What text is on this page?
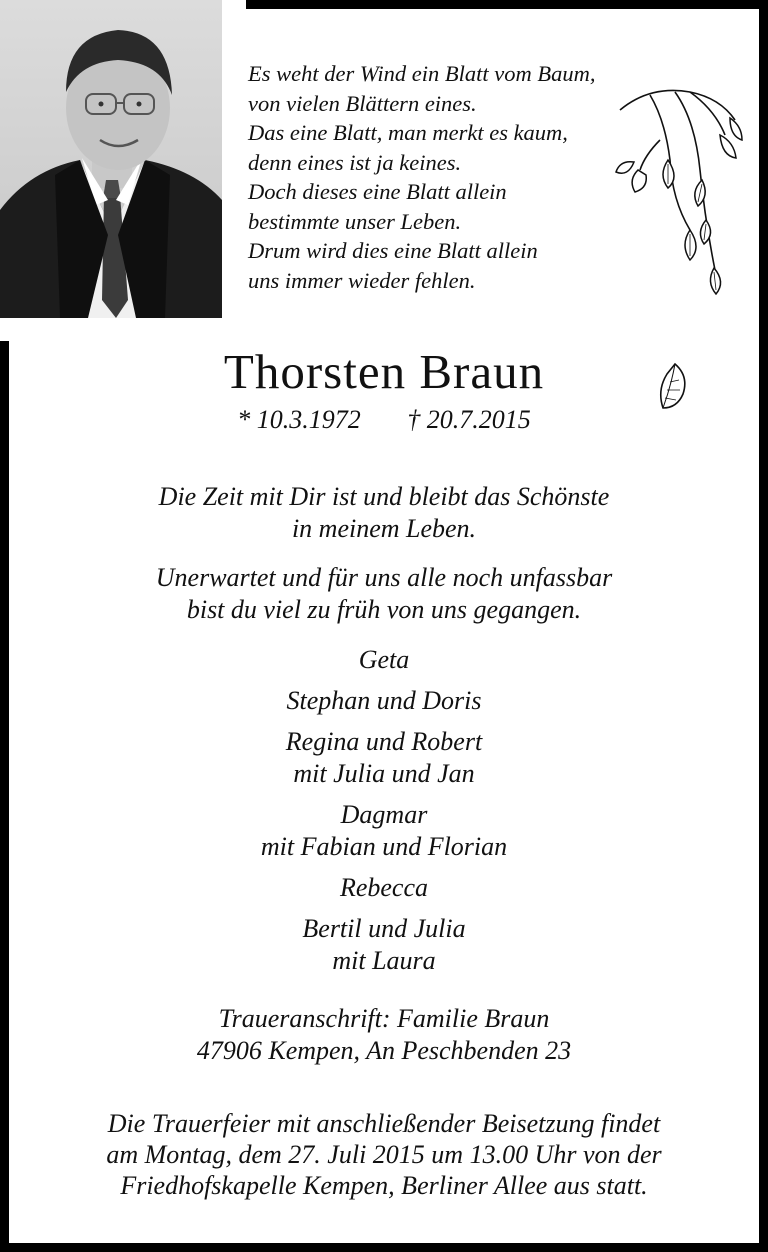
Es weht der Wind ein Blatt vom Baum,
von vielen Blättern eines.
Das eine Blatt, man merkt es kaum,
denn eines ist ja keines.
Doch dieses eine Blatt allein
bestimmte unser Leben.
Drum wird dies eine Blatt allein
uns immer wieder fehlen.
Thorsten Braun
* 10.3.1972 † 20.7.2015
Die Zeit mit Dir ist und bleibt das Schönste
in meinem Leben.
Unerwartet und für uns alle noch unfassbar
bist du viel zu früh von uns gegangen.
Geta
Stephan und Doris
Regina und Robert
mit Julia und Jan
Dagmar
mit Fabian und Florian
Rebecca
Bertil und Julia
mit Laura
Traueranschrift: Familie Braun
47906 Kempen, An Peschbenden 23
Die Trauerfeier mit anschließender Beisetzung findet
am Montag, dem 27. Juli 2015 um 13.00 Uhr von der
Friedhofskapelle Kempen, Berliner Allee aus statt.
